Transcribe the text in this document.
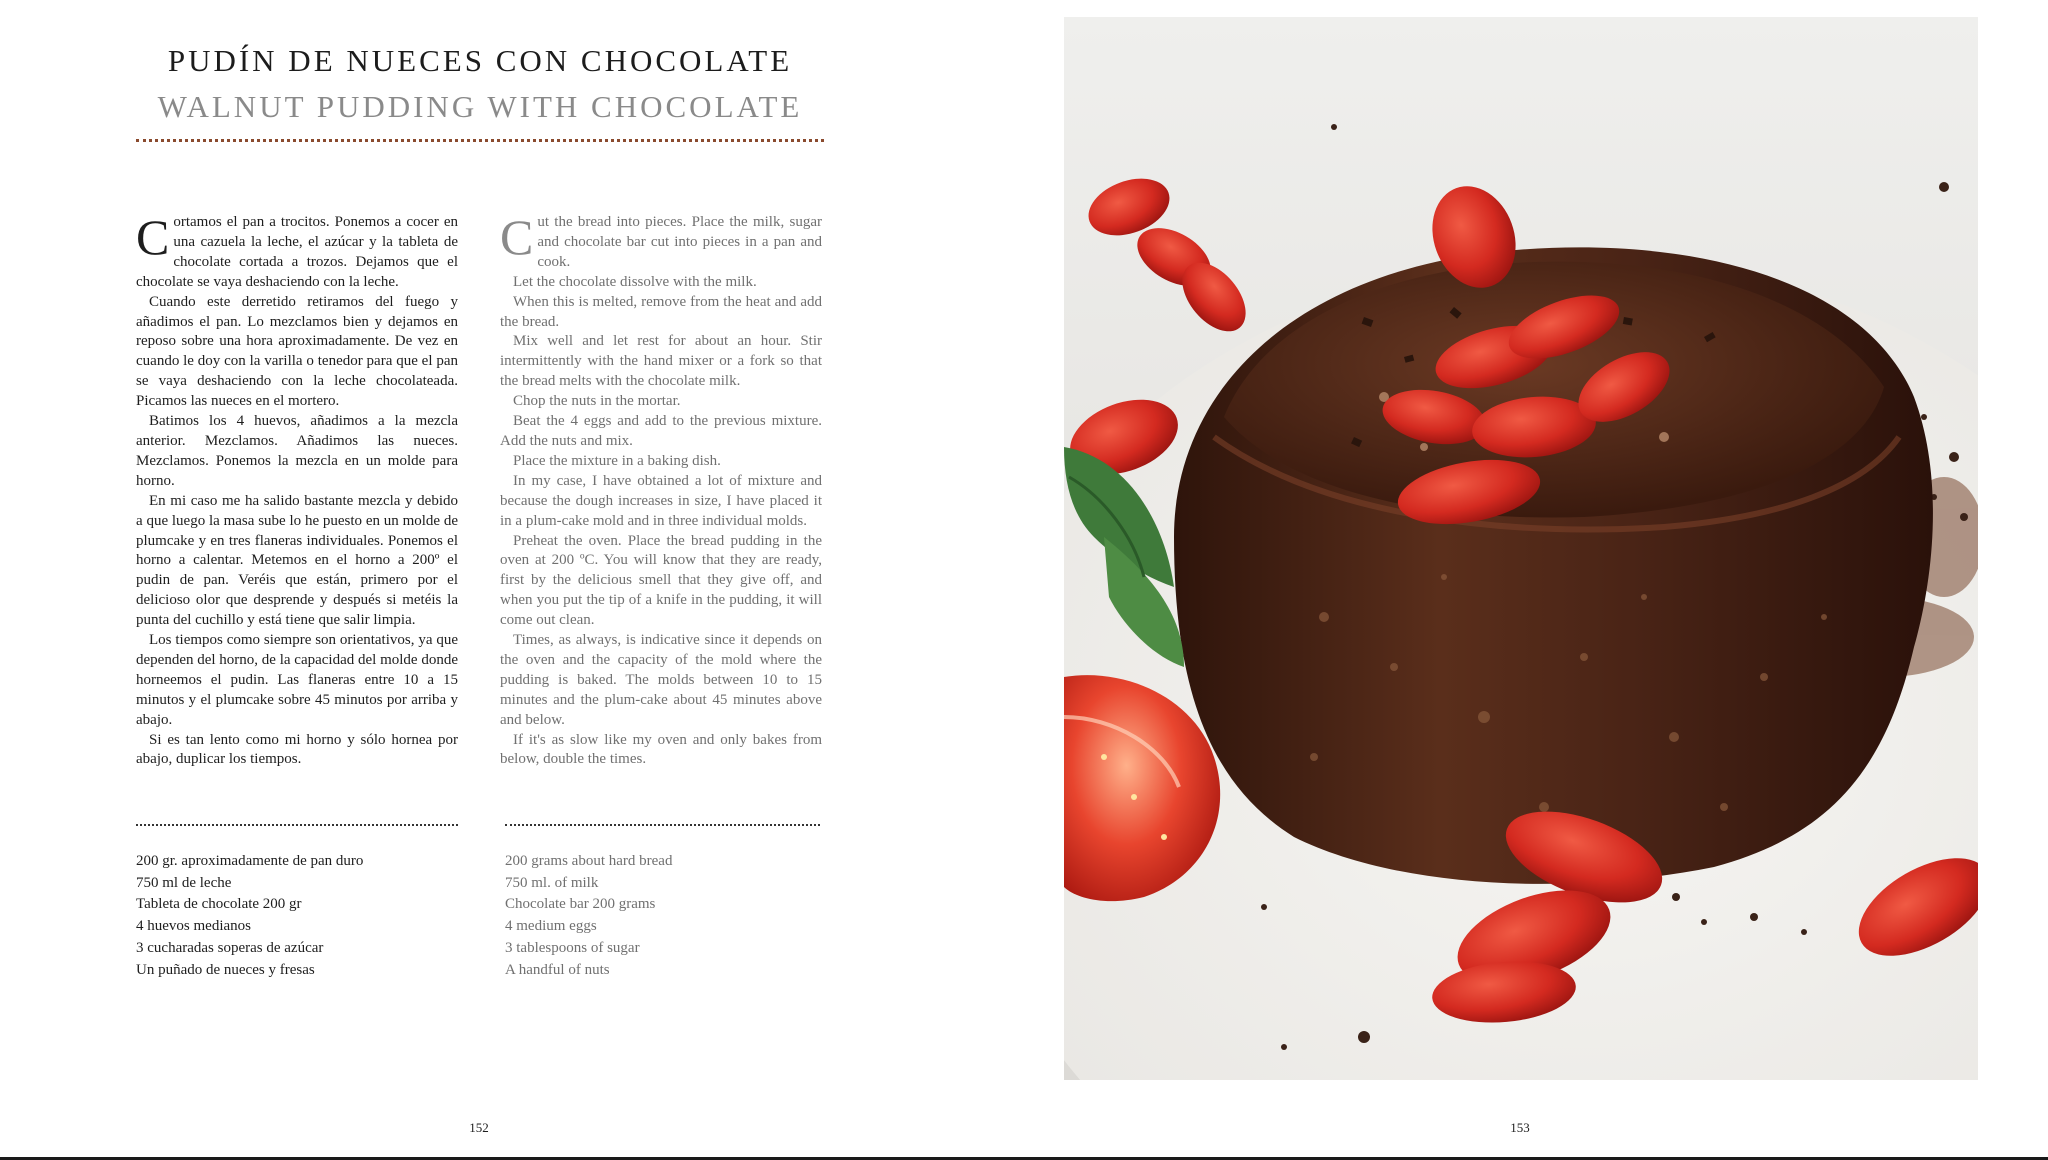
PUDÍN DE NUECES CON CHOCOLATE
WALNUT PUDDING WITH CHOCOLATE

Cortamos el pan a trocitos. Ponemos a cocer en una cazuela la leche, el azúcar y la tableta de chocolate cortada a trozos. Dejamos que el chocolate se vaya deshaciendo con la leche.

Cuando este derretido retiramos del fuego y añadimos el pan. Lo mezclamos bien y dejamos en reposo sobre una hora aproximadamente. De vez en cuando le doy con la varilla o tenedor para que el pan se vaya deshaciendo con la leche chocolateada. Picamos las nueces en el mortero.

Batimos los 4 huevos, añadimos a la mezcla anterior. Mezclamos. Añadimos las nueces. Mezclamos. Ponemos la mezcla en un molde para horno.

En mi caso me ha salido bastante mezcla y debido a que luego la masa sube lo he puesto en un molde de plumcake y en tres flaneras individuales. Ponemos el horno a calentar. Metemos en el horno a 200º el pudin de pan. Veréis que están, primero por el delicioso olor que desprende y después si metéis la punta del cuchillo y está tiene que salir limpia.

Los tiempos como siempre son orientativos, ya que dependen del horno, de la capacidad del molde donde horneemos el pudin. Las flaneras entre 10 a 15 minutos y el plumcake sobre 45 minutos por arriba y abajo.

Si es tan lento como mi horno y sólo hornea por abajo, duplicar los tiempos.

Cut the bread into pieces. Place the milk, sugar and chocolate bar cut into pieces in a pan and cook.

Let the chocolate dissolve with the milk.

When this is melted, remove from the heat and add the bread.

Mix well and let rest for about an hour. Stir intermittently with the hand mixer or a fork so that the bread melts with the chocolate milk.

Chop the nuts in the mortar.

Beat the 4 eggs and add to the previous mixture. Add the nuts and mix.

Place the mixture in a baking dish.

In my case, I have obtained a lot of mixture and because the dough increases in size, I have placed it in a plum-cake mold and in three individual molds.

Preheat the oven. Place the bread pudding in the oven at 200 ºC. You will know that they are ready, first by the delicious smell that they give off, and when you put the tip of a knife in the pudding, it will come out clean.

Times, as always, is indicative since it depends on the oven and the capacity of the mold where the pudding is baked. The molds between 10 to 15 minutes and the plum-cake about 45 minutes above and below.

If it's as slow like my oven and only bakes from below, double the times.

200 gr. aproximadamente de pan duro
750 ml de leche
Tableta de chocolate 200 gr
4 huevos medianos
3 cucharadas soperas de azúcar
Un puñado de nueces y fresas
200 grams about hard bread
750 ml. of milk
Chocolate bar 200 grams
4 medium eggs
3 tablespoons of sugar
A handful of nuts
152	153
